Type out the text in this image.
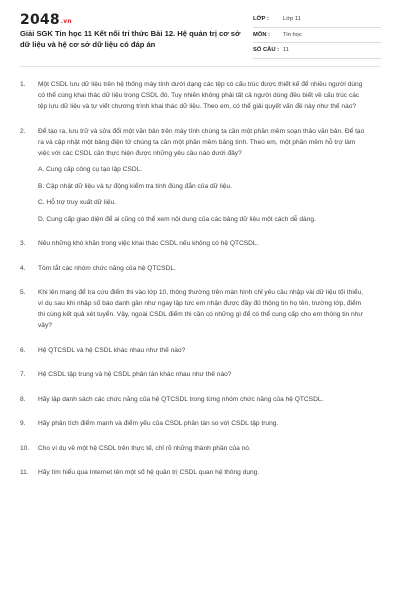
2048.vn
Giải SGK Tin học 11 Kết nối tri thức Bài 12. Hệ quản trị cơ sở dữ liệu và hệ cơ sở dữ liệu có đáp án
LỚP :	Lớp 11
MÔN :	Tin học
SỐ CÂU : 11
1.	Một CSDL lưu dữ liệu trên hệ thống máy tính dưới dạng các tệp có cấu trúc được thiết kế để nhiều người dùng có thể cùng khai thác dữ liệu trong CSDL đó. Tuy nhiên không phải tất cả người dùng đều biết về cấu trúc các tệp lưu dữ liệu và tự viết chương trình khai thác dữ liệu. Theo em, có thể giải quyết vấn đề này như thế nào?
2.	Để tạo ra, lưu trữ và sửa đổi một văn bản trên máy tính chúng ta cần một phần mềm soạn thảo văn bản. Để tạo ra và cập nhật một bảng điện tử chúng ta cần một phần mềm bảng tính. Theo em, một phần mềm hỗ trợ làm việc với các CSDL cần thực hiện được những yêu cầu nào dưới đây?
A. Cung cấp công cụ tạo lập CSDL.
B. Cập nhật dữ liệu và tự động kiểm tra tính đúng đắn của dữ liệu.
C. Hỗ trợ truy xuất dữ liệu.
D. Cung cấp giao diện để ai cũng có thể xem nội dung của các bảng dữ liệu một cách dễ dàng.
3.	Nêu những khó khăn trong việc khai thác CSDL nếu không có hệ QTCSDL.
4.	Tóm tắt các nhóm chức năng của hệ QTCSDL.
5.	Khi lên mạng để tra cứu điểm thi vào lớp 10, thông thường trên màn hình chỉ yêu cầu nhập vài dữ liệu tối thiểu, ví dụ sau khi nhập số báo danh gần như ngay lập tức em nhận được đầy đủ thông tin họ tên, trường lớp, điểm thi cùng kết quả xét tuyển. Vậy, ngoài CSDL điểm thi cần có những gì để có thể cung cấp cho em thông tin như vậy?
6.	Hệ QTCSDL và hệ CSDL khác nhau như thế nào?
7.	Hệ CSDL tập trung và hệ CSDL phân tán khác nhau như thế nào?
8.	Hãy lập danh sách các chức năng của hệ QTCSDL trong từng nhóm chức năng của hệ QTCSDL.
9.	Hãy phân tích điểm mạnh và điểm yếu của CSDL phân tán so với CSDL tập trung.
10.	Cho ví dụ về một hệ CSDL trên thực tế, chỉ rõ những thành phần của nó.
11.	Hãy tìm hiểu qua Internet tên một số hệ quản trị CSDL quan hệ thông dụng.
